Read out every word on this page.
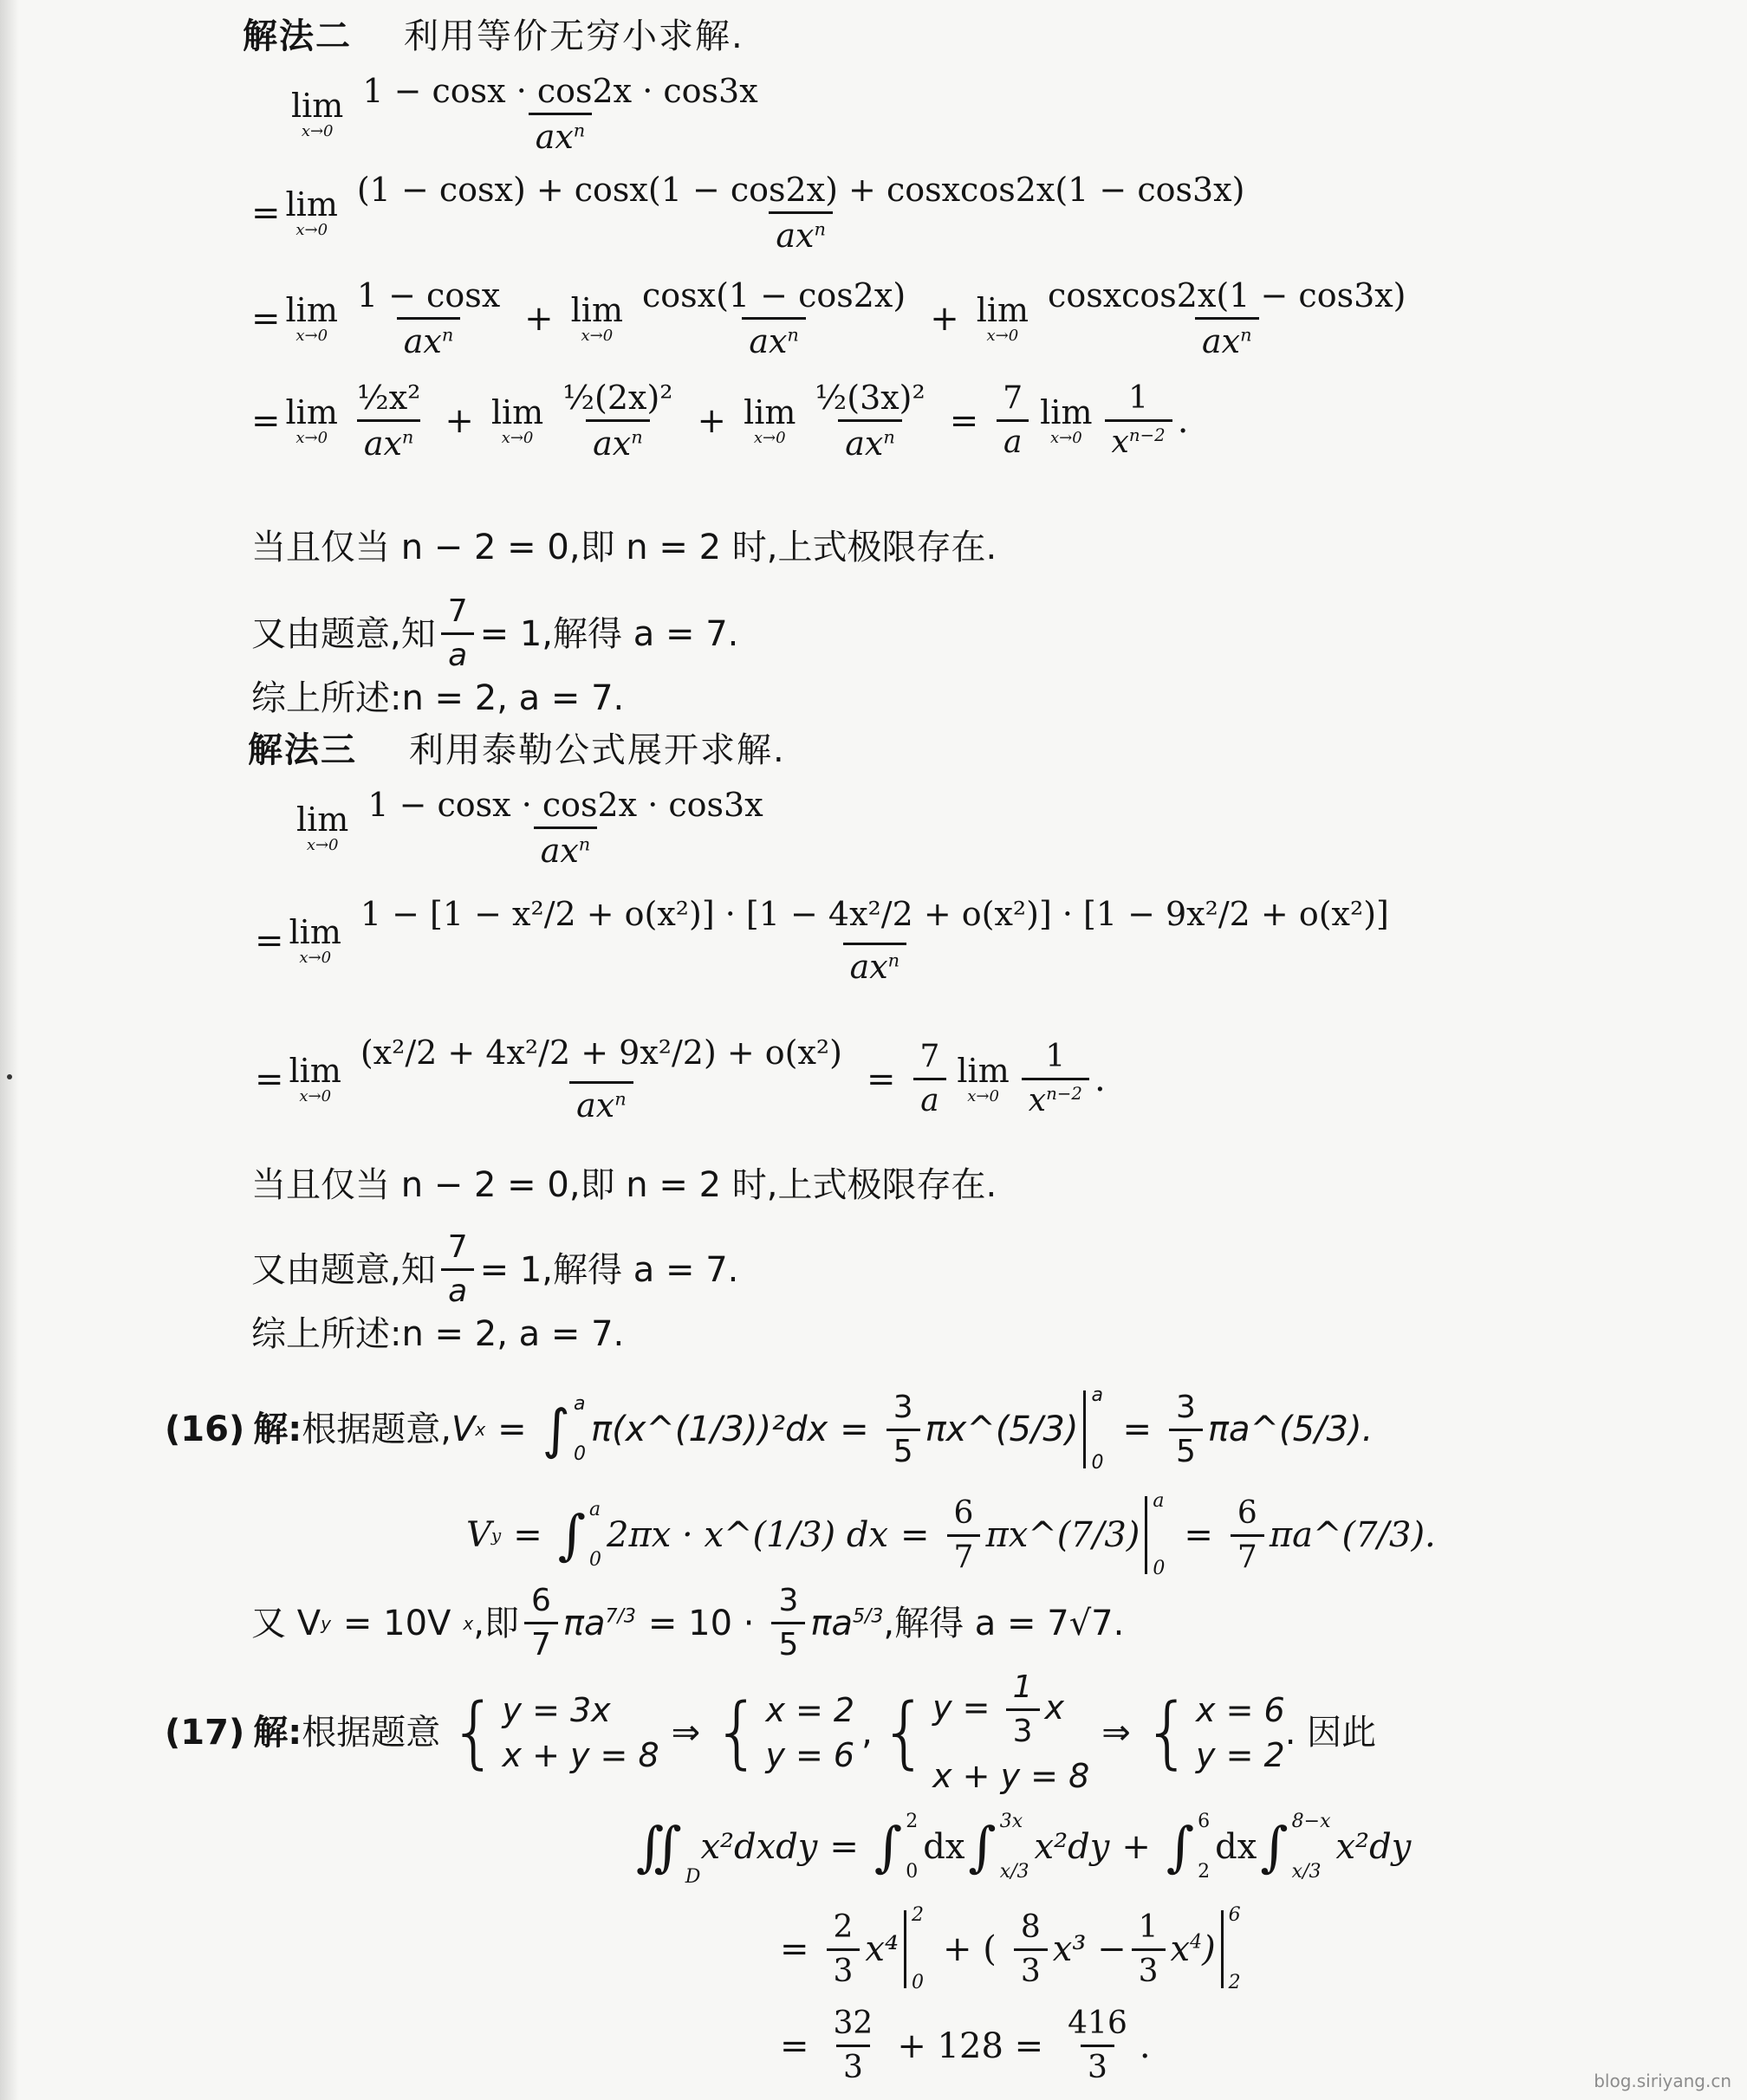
解法二 利用等价无穷小求解.
lim
$x\to 0 \frac{1 - \cos x \cdot \cos 2x \cdot \cos 3x}{ax^n}$
= lim
$x\to 0 \frac{\text{(1 − cosx) + cosx(1 − cos2x) + cosxcos2x(1 − cos3x)}}{ax^n}$
= lim
$x\to 0 \frac{1 - \cos x}{ax^n} + \lim$
$x\to 0 \frac{\cos x(1 - \cos 2x)}{ax^n} + \lim$
$x\to 0 \frac{\text{cosxcos2x(1 − cos3x)}}{ax^n}$
= lim
$x\to 0 \frac{\text{½x²}}{ax^n} + \lim$
$x\to 0 \frac{\text{½(2x)²}}{ax^n} + \lim$
$x\to 0 \frac{\text{½(3x)²}}{ax^n} = \frac{7}{a}$ lim
$x\to 0 \frac{1}{x^{n-2}}$ .
当且仅当 n − 2 = 0,即 n = 2 时,上式极限存在.
又由题意,知 $\frac{7}{a} = 1$,解得 a = 7.
综上所述:n = 2, a = 7.
解法三 利用泰勒公式展开求解.
lim
$x\to 0 \frac{1 - \cos x \cdot \cos 2x \cdot \cos 3x}{ax^n}$
= lim
x→0
1 − [1 − x²/2 + o(x²)] · [1 − 4x²/2 + o(x²)] · [1 − 9x²/2 + o(x²)]
$ax^n$
= lim
$x\to 0 \frac{\text{(x²/2 + 4x²/2 + 9x²/2) + o(x²)}}{ax^n} = \frac{7}{a}$ lim
$x\to 0 \frac{1}{x^{n-2}}$ .
当且仅当 n − 2 = 0,即 n = 2 时,上式极限存在.
又由题意,知 $\frac{7}{a} = 1$,解得 a = 7.
综上所述:n = 2, a = 7.
(16) 解: 根据题意, V x = ∫ a
0
π(x^(1/3))²dx = $\frac{3}{5}$ πx^(5/3)
a
0
= $\frac{3}{5}$ πa^(5/3).
V y = ∫ a
0
2πx · x^(1/3) dx = $\frac{6}{7}$ πx^(7/3)
a
0
= $\frac{6}{7}$ πa^(7/3).
又 V y = 10V x ,即 $\frac{6}{7} \pi a^{7/3} = 10 \cdot \frac{3}{5} \pi a^{5/3}$ ,解得 a = 7√7.
(17) 解: 根据题意 { y = 3x
x + y = 8
⇒ { x = 2
y = 6
, { $y = \frac{1}{3}$ x
x + y = 8
⇒ { x = 6
y = 2
. 因此
$∬_D$
x²dxdy = ∫ 2
0
dx ∫ 3x
x/3
x²dy + ∫ 6
2
dx ∫ 8−x
x/3
x²dy
= $\frac{2}{3} x^4$
2
0
+ ( $\frac{8}{3} x^3 - \frac{1}{3} x^4$)
6
2
= $\frac{32}{3} + 128 = \frac{416}{3}$ .
blog.siriyang.cn
